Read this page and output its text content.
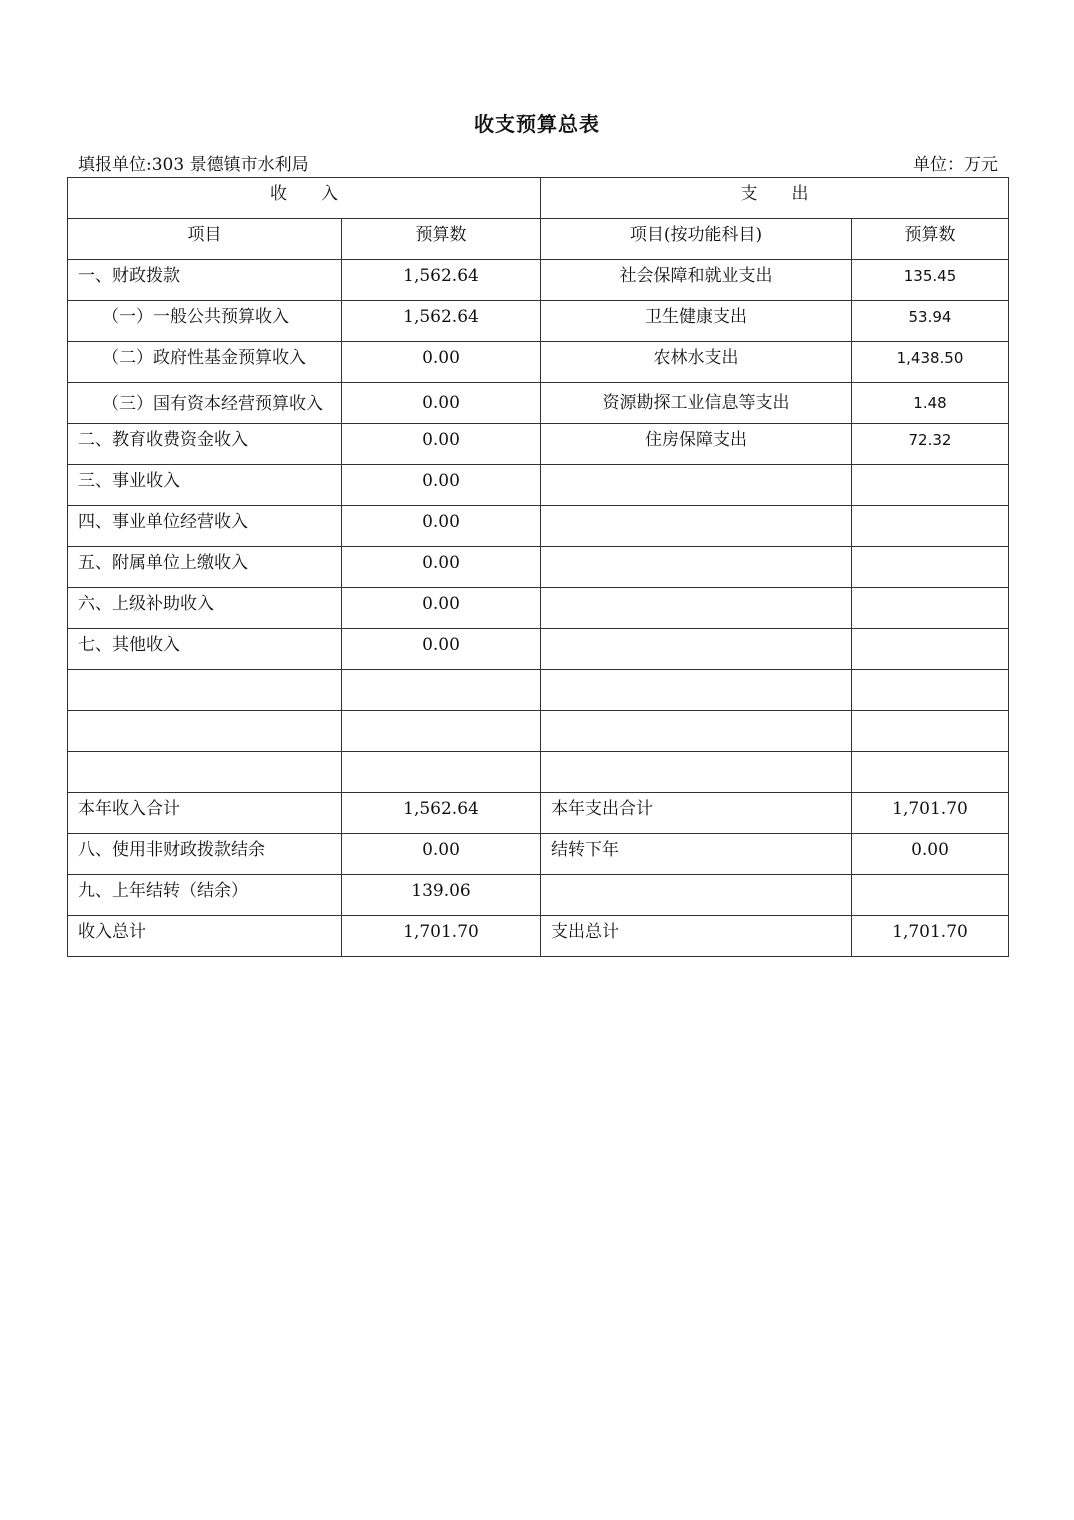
收支预算总表
填报单位:303 景德镇市水利局	单位：万元
收　　入		支　　出	
项目	预算数	项目(按功能科目)	预算数
一、财政拨款	1,562.64	社会保障和就业支出	135.45
（一）一般公共预算收入	1,562.64	卫生健康支出	53.94
（二）政府性基金预算收入	0.00	农林水支出	1,438.50
（三）国有资本经营预算收入	0.00	资源勘探工业信息等支出	1.48
二、教育收费资金收入	0.00	住房保障支出	72.32
三、事业收入	0.00		
四、事业单位经营收入	0.00		
五、附属单位上缴收入	0.00		
六、上级补助收入	0.00		
七、其他收入	0.00		

本年收入合计	1,562.64	本年支出合计	1,701.70
八、使用非财政拨款结余	0.00	结转下年	0.00
九、上年结转（结余）	139.06		
收入总计	1,701.70	支出总计	1,701.70
